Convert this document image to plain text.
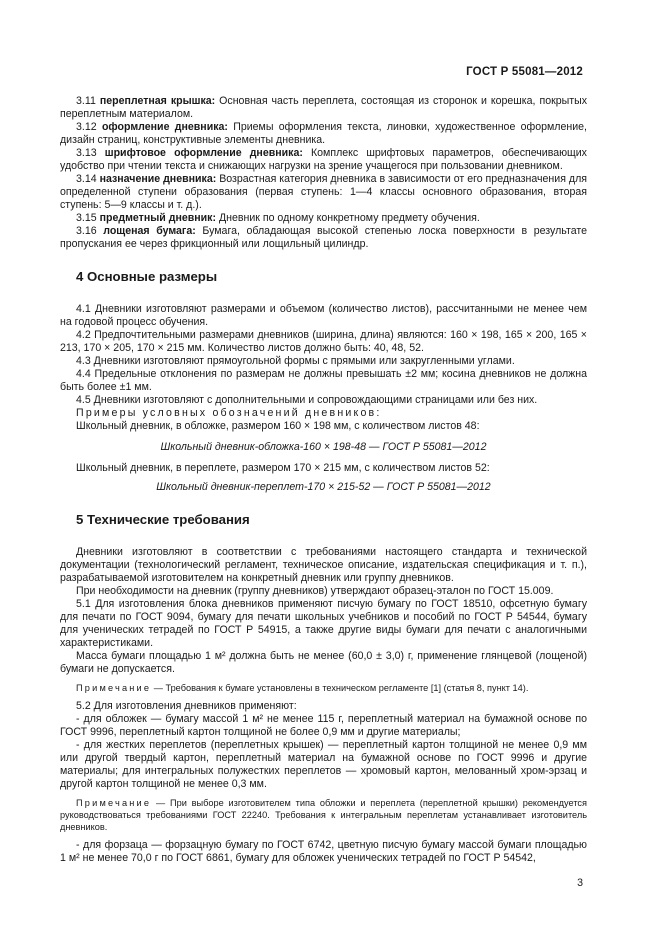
ГОСТ Р 55081—2012

3.11 переплетная крышка: Основная часть переплета, состоящая из сторонок и корешка, покрытых переплетным материалом.

3.12 оформление дневника: Приемы оформления текста, линовки, художественное оформление, дизайн страниц, конструктивные элементы дневника.

3.13 шрифтовое оформление дневника: Комплекс шрифтовых параметров, обеспечивающих удобство при чтении текста и снижающих нагрузки на зрение учащегося при пользовании дневником.

3.14 назначение дневника: Возрастная категория дневника в зависимости от его предназначения для определенной ступени образования (первая ступень: 1—4 классы основного образования, вторая ступень: 5—9 классы и т. д.).

3.15 предметный дневник: Дневник по одному конкретному предмету обучения.

3.16 лощеная бумага: Бумага, обладающая высокой степенью лоска поверхности в результате пропускания ее через фрикционный или лощильный цилиндр.

4 Основные размеры

4.1 Дневники изготовляют размерами и объемом (количество листов), рассчитанными не менее чем на годовой процесс обучения.

4.2 Предпочтительными размерами дневников (ширина, длина) являются: 160 × 198, 165 × 200, 165 × 213, 170 × 205, 170 × 215 мм. Количество листов должно быть: 40, 48, 52.

4.3 Дневники изготовляют прямоугольной формы с прямыми или закругленными углами.

4.4 Предельные отклонения по размерам не должны превышать ±2 мм; косина дневников не должна быть более ±1 мм.

4.5 Дневники изготовляют с дополнительными и сопровождающими страницами или без них.

Примеры условных обозначений дневников:

Школьный дневник, в обложке, размером 160 × 198 мм, с количеством листов 48:

Школьный дневник-обложка-160 × 198-48 — ГОСТ Р 55081—2012

Школьный дневник, в переплете, размером 170 × 215 мм, с количеством листов 52:

Школьный дневник-переплет-170 × 215-52 — ГОСТ Р 55081—2012

5 Технические требования

Дневники изготовляют в соответствии с требованиями настоящего стандарта и технической документации (технологический регламент, техническое описание, издательская спецификация и т. п.), разрабатываемой изготовителем на конкретный дневник или группу дневников.

При необходимости на дневник (группу дневников) утверждают образец-эталон по ГОСТ 15.009.

5.1 Для изготовления блока дневников применяют писчую бумагу по ГОСТ 18510, офсетную бумагу для печати по ГОСТ 9094, бумагу для печати школьных учебников и пособий по ГОСТ Р 54544, бумагу для ученических тетрадей по ГОСТ Р 54915, а также другие виды бумаги для печати с аналогичными характеристиками.

Масса бумаги площадью 1 м² должна быть не менее (60,0 ± 3,0) г, применение глянцевой (лощеной) бумаги не допускается.

Примечание — Требования к бумаге установлены в техническом регламенте [1] (статья 8, пункт 14).

5.2 Для изготовления дневников применяют:

- для обложек — бумагу массой 1 м² не менее 115 г, переплетный материал на бумажной основе по ГОСТ 9996, переплетный картон толщиной не более 0,9 мм и другие материалы;

- для жестких переплетов (переплетных крышек) — переплетный картон толщиной не менее 0,9 мм или другой твердый картон, переплетный материал на бумажной основе по ГОСТ 9996 и другие материалы; для интегральных полужестких переплетов — хромовый картон, мелованный хром-эрзац и другой картон толщиной не менее 0,3 мм.

Примечание — При выборе изготовителем типа обложки и переплета (переплетной крышки) рекомендуется руководствоваться требованиями ГОСТ 22240. Требования к интегральным переплетам устанавливает изготовитель дневников.

- для форзаца — форзацную бумагу по ГОСТ 6742, цветную писчую бумагу массой бумаги площадью 1 м² не менее 70,0 г по ГОСТ 6861, бумагу для обложек ученических тетрадей по ГОСТ Р 54542,

3
